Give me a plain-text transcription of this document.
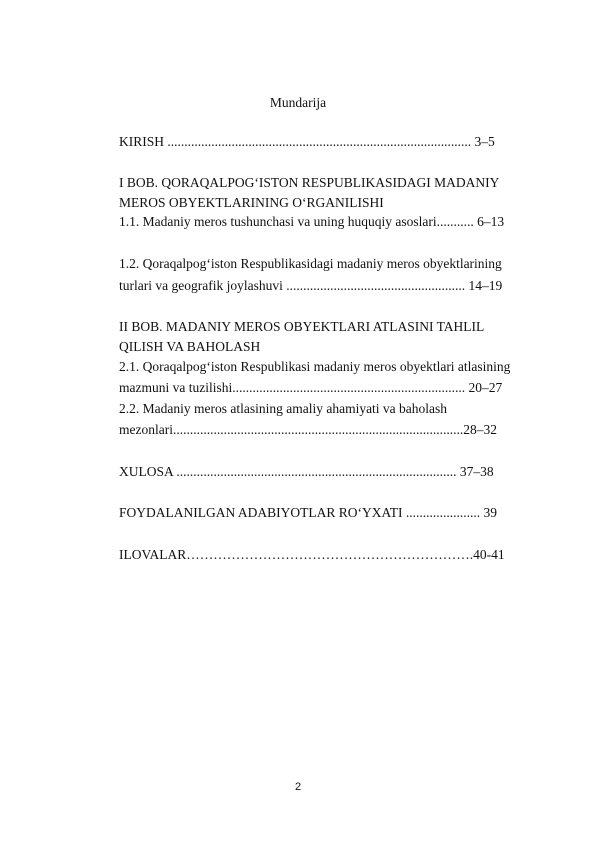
Mundarija
KIRISH .......................................................................................... 3–5
I BOB. QORAQALPOG‘ISTON RESPUBLIKASIDAGI MADANIY
MEROS OBYEKTLARINING O‘RGANILISHI
1.1. Madaniy meros tushunchasi va uning huquqiy asoslari........... 6–13
1.2. Qoraqalpog‘iston Respublikasidagi madaniy meros obyektlarining
turlari va geografik joylashuvi ..................................................... 14–19
II BOB. MADANIY MEROS OBYEKTLARI ATLASINI TAHLIL
QILISH VA BAHOLASH
2.1. Qoraqalpog‘iston Respublikasi madaniy meros obyektlari atlasining
mazmuni va tuzilishi..................................................................... 20–27
2.2. Madaniy meros atlasining amaliy ahamiyati va baholash
mezonlari......................................................................................28–32
XULOSA ................................................................................... 37–38
FOYDALANILGAN ADABIYOTLAR RO‘YXATI ...................... 39
ILOVALAR……………………………………………………….40-41
2
